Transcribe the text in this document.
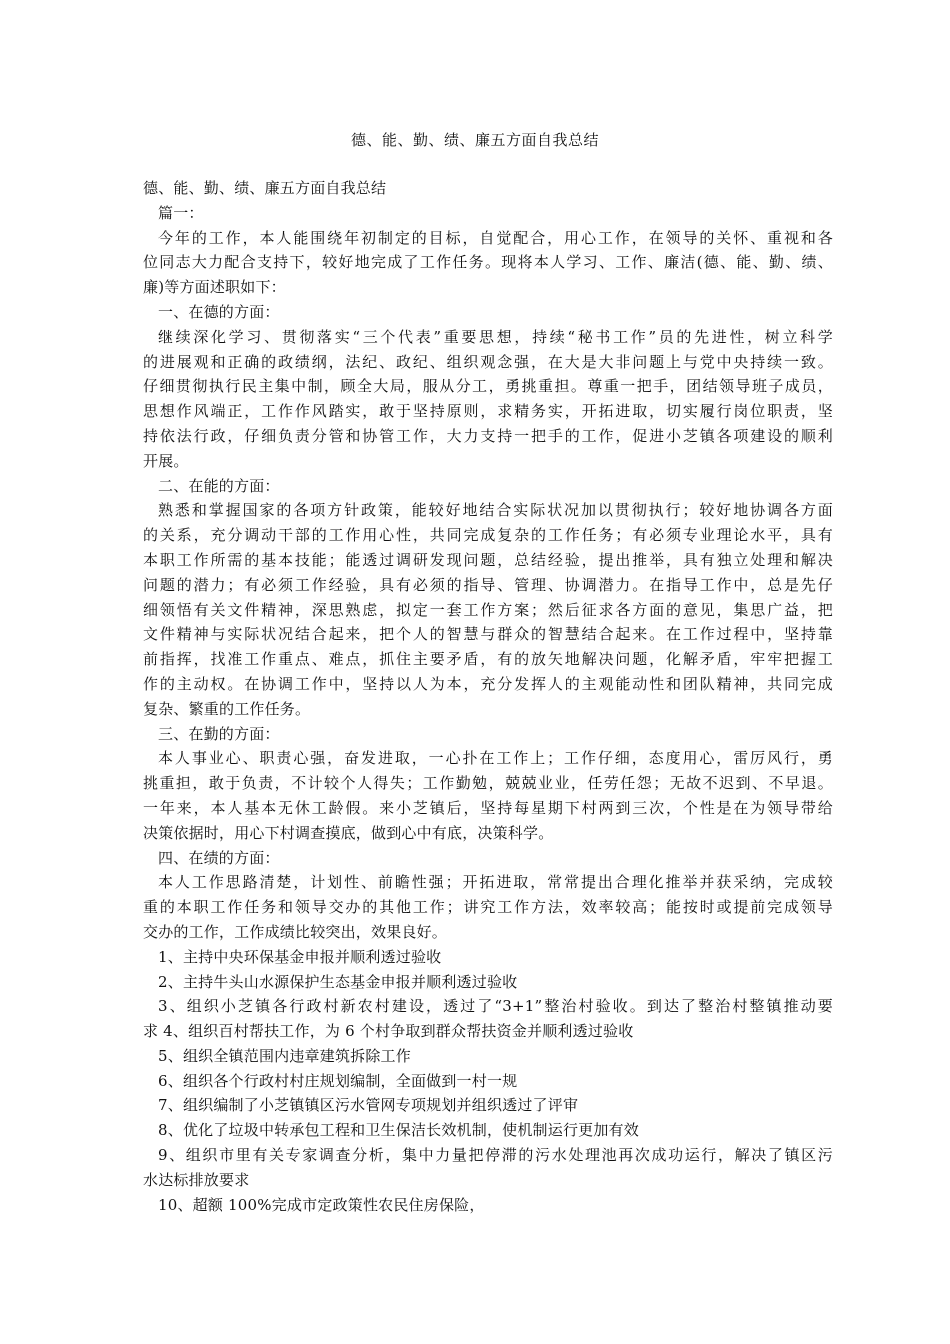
德、能、勤、绩、廉五方面自我总结

德、能、勤、绩、廉五方面自我总结

篇一：

今年的工作，本人能围绕年初制定的目标，自觉配合，用心工作，在领导的关怀、重视和各

位同志大力配合支持下，较好地完成了工作任务。现将本人学习、工作、廉洁(德、能、勤、绩、

廉)等方面述职如下：

一、在德的方面：

继续深化学习、贯彻落实“三个代表”重要思想，持续“秘书工作”员的先进性，树立科学

的进展观和正确的政绩纲，法纪、政纪、组织观念强，在大是大非问题上与党中央持续一致。

仔细贯彻执行民主集中制，顾全大局，服从分工，勇挑重担。尊重一把手，团结领导班子成员，

思想作风端正，工作作风踏实，敢于坚持原则，求精务实，开拓进取，切实履行岗位职责，坚

持依法行政，仔细负责分管和协管工作，大力支持一把手的工作，促进小芝镇各项建设的顺利

开展。

二、在能的方面：

熟悉和掌握国家的各项方针政策，能较好地结合实际状况加以贯彻执行；较好地协调各方面

的关系，充分调动干部的工作用心性，共同完成复杂的工作任务；有必须专业理论水平，具有

本职工作所需的基本技能；能透过调研发现问题，总结经验，提出推举，具有独立处理和解决

问题的潜力；有必须工作经验，具有必须的指导、管理、协调潜力。在指导工作中，总是先仔

细领悟有关文件精神，深思熟虑，拟定一套工作方案；然后征求各方面的意见，集思广益，把

文件精神与实际状况结合起来，把个人的智慧与群众的智慧结合起来。在工作过程中，坚持靠

前指挥，找准工作重点、难点，抓住主要矛盾，有的放矢地解决问题，化解矛盾，牢牢把握工

作的主动权。在协调工作中，坚持以人为本，充分发挥人的主观能动性和团队精神，共同完成

复杂、繁重的工作任务。

三、在勤的方面：

本人事业心、职责心强，奋发进取，一心扑在工作上；工作仔细，态度用心，雷厉风行，勇

挑重担，敢于负责，不计较个人得失；工作勤勉，兢兢业业，任劳任怨；无故不迟到、不早退。

一年来，本人基本无休工龄假。来小芝镇后，坚持每星期下村两到三次，个性是在为领导带给

决策依据时，用心下村调查摸底，做到心中有底，决策科学。

四、在绩的方面：

本人工作思路清楚，计划性、前瞻性强；开拓进取，常常提出合理化推举并获采纳，完成较

重的本职工作任务和领导交办的其他工作；讲究工作方法，效率较高；能按时或提前完成领导

交办的工作，工作成绩比较突出，效果良好。

1、主持中央环保基金申报并顺利透过验收

2、主持牛头山水源保护生态基金申报并顺利透过验收

3、组织小芝镇各行政村新农村建设，透过了“3+1”整治村验收。到达了整治村整镇推动要

求 4、组织百村帮扶工作，为 6 个村争取到群众帮扶资金并顺利透过验收

5、组织全镇范围内违章建筑拆除工作

6、组织各个行政村村庄规划编制，全面做到一村一规

7、组织编制了小芝镇镇区污水管网专项规划并组织透过了评审

8、优化了垃圾中转承包工程和卫生保洁长效机制，使机制运行更加有效

9、组织市里有关专家调查分析，集中力量把停滞的污水处理池再次成功运行，解决了镇区污

水达标排放要求

10、超额 100%完成市定政策性农民住房保险，
